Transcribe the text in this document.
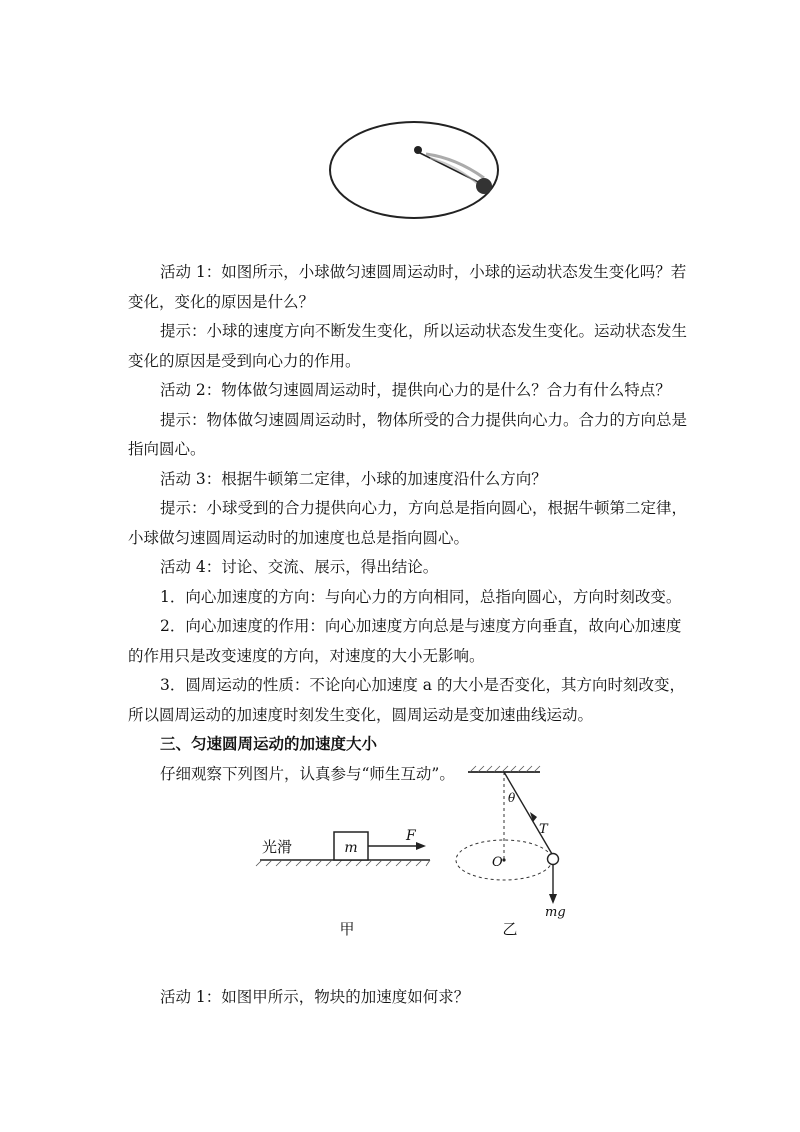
活动 1：如图所示，小球做匀速圆周运动时，小球的运动状态发生变化吗？若变化，变化的原因是什么？

提示：小球的速度方向不断发生变化，所以运动状态发生变化。运动状态发生变化的原因是受到向心力的作用。

活动 2：物体做匀速圆周运动时，提供向心力的是什么？合力有什么特点？

提示：物体做匀速圆周运动时，物体所受的合力提供向心力。合力的方向总是指向圆心。

活动 3：根据牛顿第二定律，小球的加速度沿什么方向？

提示：小球受到的合力提供向心力，方向总是指向圆心，根据牛顿第二定律，小球做匀速圆周运动时的加速度也总是指向圆心。

活动 4：讨论、交流、展示，得出结论。

1．向心加速度的方向：与向心力的方向相同，总指向圆心，方向时刻改变。

2．向心加速度的作用：向心加速度方向总是与速度方向垂直，故向心加速度的作用只是改变速度的方向，对速度的大小无影响。

3．圆周运动的性质：不论向心加速度 a 的大小是否变化，其方向时刻改变，所以圆周运动的加速度时刻发生变化，圆周运动是变加速曲线运动。

三、匀速圆周运动的加速度大小

仔细观察下列图片，认真参与“师生互动”。

光滑	m
F
甲
θ
T
O
mg
乙

活动 1：如图甲所示，物块的加速度如何求？
